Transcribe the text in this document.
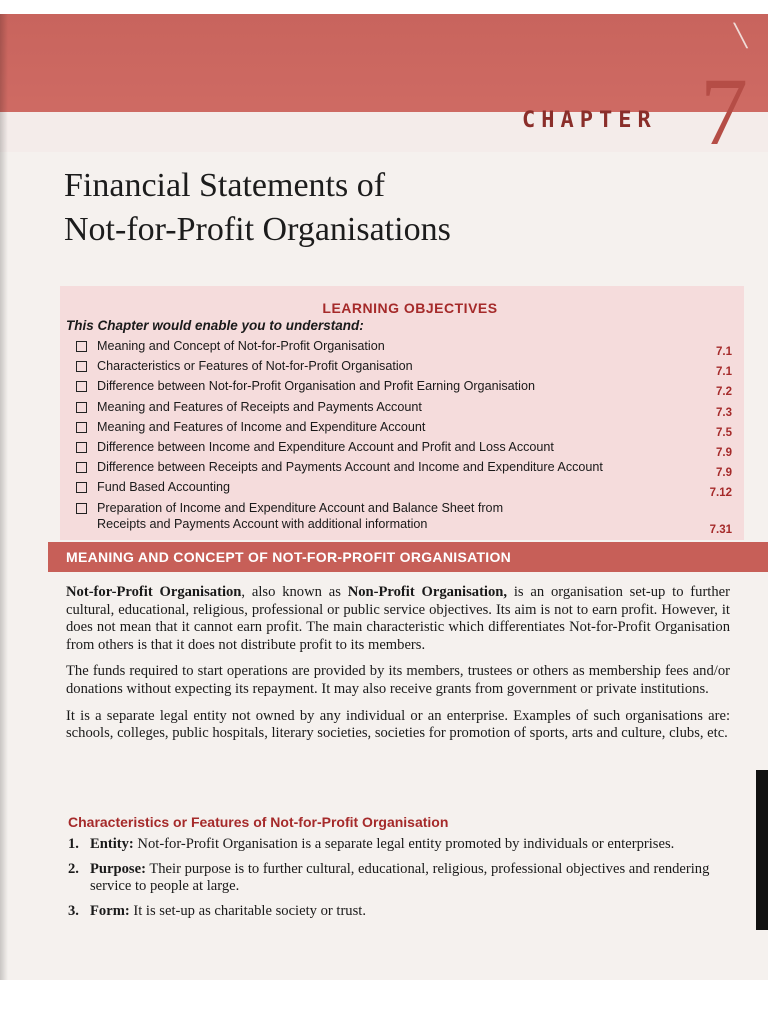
╲
CHAPTER 7
Financial Statements of
Not-for-Profit Organisations
LEARNING OBJECTIVES
This Chapter would enable you to understand:
Meaning and Concept of Not-for-Profit Organisation	7.1
Characteristics or Features of Not-for-Profit Organisation	7.1
Difference between Not-for-Profit Organisation and Profit Earning Organisation	7.2
Meaning and Features of Receipts and Payments Account	7.3
Meaning and Features of Income and Expenditure Account	7.5
Difference between Income and Expenditure Account and Profit and Loss Account	7.9
Difference between Receipts and Payments Account and Income and Expenditure Account	7.9
Fund Based Accounting	7.12
Preparation of Income and Expenditure Account and Balance Sheet from
Receipts and Payments Account with additional information	7.31
MEANING AND CONCEPT OF NOT-FOR-PROFIT ORGANISATION

Not-for-Profit Organisation, also known as Non-Profit Organisation, is an organisation set-up to further cultural, educational, religious, professional or public service objectives. Its aim is not to earn profit. However, it does not mean that it cannot earn profit. The main characteristic which differentiates Not-for-Profit Organisation from others is that it does not distribute profit to its members.

The funds required to start operations are provided by its members, trustees or others as membership fees and/or donations without expecting its repayment. It may also receive grants from government or private institutions.

It is a separate legal entity not owned by any individual or an enterprise. Examples of such organisations are: schools, colleges, public hospitals, literary societies, societies for promotion of sports, arts and culture, clubs, etc.

Characteristics or Features of Not-for-Profit Organisation
1. Entity: Not-for-Profit Organisation is a separate legal entity promoted by individuals or enterprises.
2. Purpose: Their purpose is to further cultural, educational, religious, professional objectives and rendering service to people at large.
3. Form: It is set-up as charitable society or trust.
